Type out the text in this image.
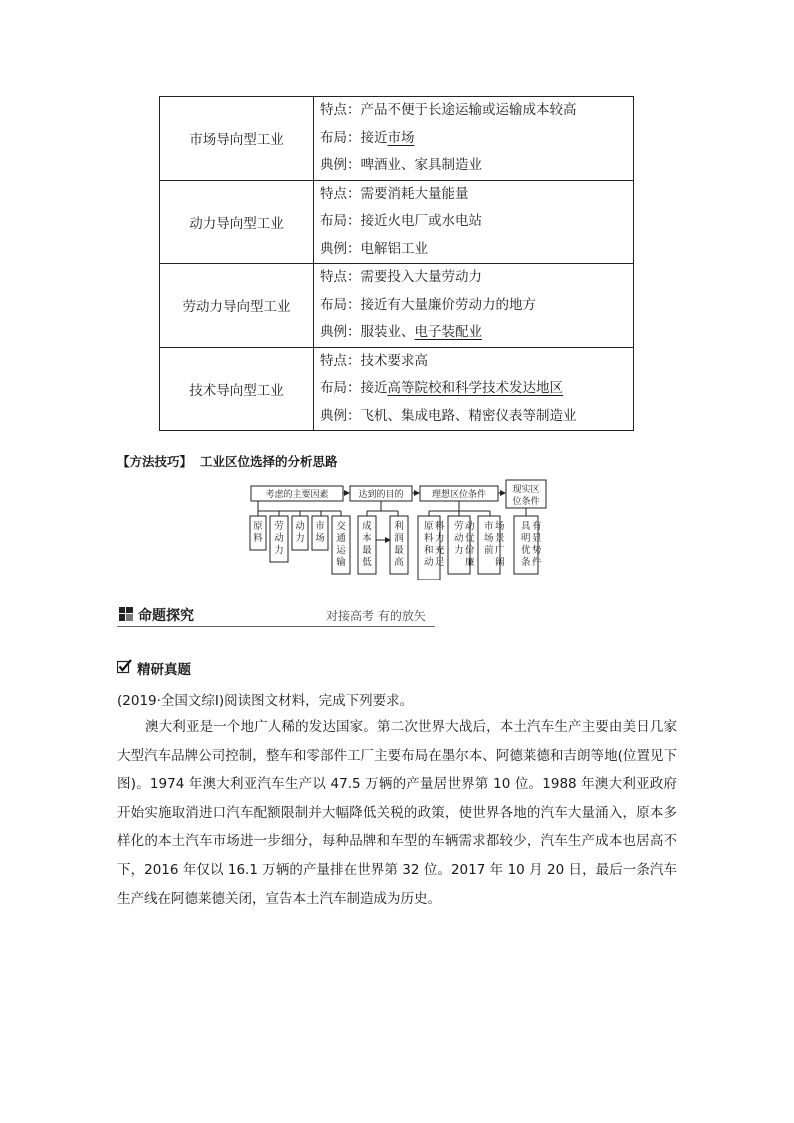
市场导向型工业	特点：产品不便于长途运输或运输成本较高
布局：接近市场
典例：啤酒业、家具制造业

动力导向型工业	特点：需要消耗大量能量
布局：接近火电厂或水电站
典例：电解铝工业

劳动力导向型工业	特点：需要投入大量劳动力
布局：接近有大量廉价劳动力的地方
典例：服装业、电子装配业

技术导向型工业	特点：技术要求高
布局：接近高等院校和科学技术发达地区
典例：飞机、集成电路、精密仪表等制造业
【方法技巧】 工业区位选择的分析思路
考虑的主要因素	达到的目的	理想区位条件	现实区
位条件
原料
劳动力
动力
市场
交通运输
成本最低
利润最高
原料和动料力充足
劳动力动优价廉
市场前场景广阔
具明优条有显势件
命题探究	对接高考 有的放矢
精研真题
(2019·全国文综Ⅰ)阅读图文材料，完成下列要求。
澳大利亚是一个地广人稀的发达国家。第二次世界大战后，本土汽车生产主要由美日几家大型汽车品牌公司控制，整车和零部件工厂主要布局在墨尔本、阿德莱德和吉朗等地(位置见下图)。1974 年澳大利亚汽车生产以 47.5 万辆的产量居世界第 10 位。1988 年澳大利亚政府开始实施取消进口汽车配额限制并大幅降低关税的政策，使世界各地的汽车大量涌入，原本多样化的本土汽车市场进一步细分，每种品牌和车型的车辆需求都较少，汽车生产成本也居高不下，2016 年仅以 16.1 万辆的产量排在世界第 32 位。2017 年 10 月 20 日，最后一条汽车生产线在阿德莱德关闭，宣告本土汽车制造成为历史。
